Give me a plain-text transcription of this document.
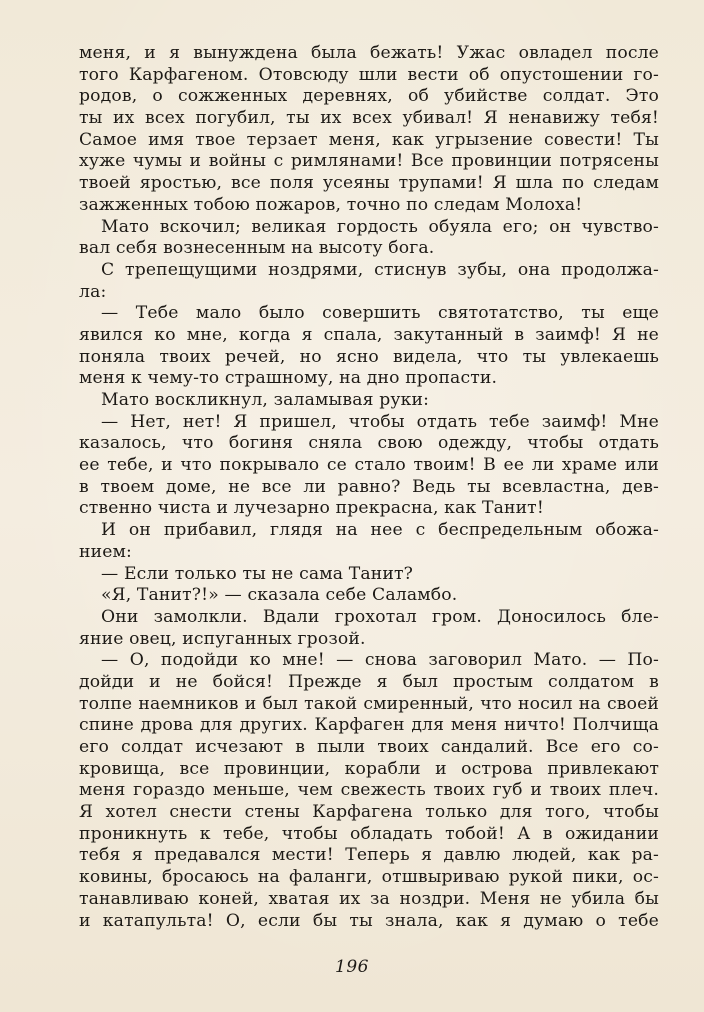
меня, и я вынуждена была бежать! Ужас овладел после
того Карфагеном. Отовсюду шли вести об опустошении го-
родов, о сожженных деревнях, об убийстве солдат. Это
ты их всех погубил, ты их всех убивал! Я ненавижу тебя!
Самое имя твое терзает меня, как угрызение совести! Ты
хуже чумы и войны с римлянами! Все провинции потрясены
твоей яростью, все поля усеяны трупами! Я шла по следам
зажженных тобою пожаров, точно по следам Молоха!
Мато вскочил; великая гордость обуяла его; он чувство-
вал себя вознесенным на высоту бога.
С трепещущими ноздрями, стиснув зубы, она продолжа-
ла:
— Тебе мало было совершить святотатство, ты еще
явился ко мне, когда я спала, закутанный в заимф! Я не
поняла твоих речей, но ясно видела, что ты увлекаешь
меня к чему-то страшному, на дно пропасти.
Мато воскликнул, заламывая руки:
— Нет, нет! Я пришел, чтобы отдать тебе заимф! Мне
казалось, что богиня сняла свою одежду, чтобы отдать
ее тебе, и что покрывало се стало твоим! В ее ли храме или
в твоем доме, не все ли равно? Ведь ты всевластна, дев-
ственно чиста и лучезарно прекрасна, как Танит!
И он прибавил, глядя на нее с беспредельным обожа-
нием:
— Если только ты не сама Танит?
«Я, Танит?!» — сказала себе Саламбо.
Они замолкли. Вдали грохотал гром. Доносилось бле-
яние овец, испуганных грозой.
— О, подойди ко мне! — снова заговорил Мато. — По-
дойди и не бойся! Прежде я был простым солдатом в
толпе наемников и был такой смиренный, что носил на своей
спине дрова для других. Карфаген для меня ничто! Полчища
его солдат исчезают в пыли твоих сандалий. Все его со-
кровища, все провинции, корабли и острова привлекают
меня гораздо меньше, чем свежесть твоих губ и твоих плеч.
Я хотел снести стены Карфагена только для того, чтобы
проникнуть к тебе, чтобы обладать тобой! А в ожидании
тебя я предавался мести! Теперь я давлю людей, как ра-
ковины, бросаюсь на фаланги, отшвыриваю рукой пики, ос-
танавливаю коней, хватая их за ноздри. Меня не убила бы
и катапульта! О, если бы ты знала, как я думаю о тебе
196
